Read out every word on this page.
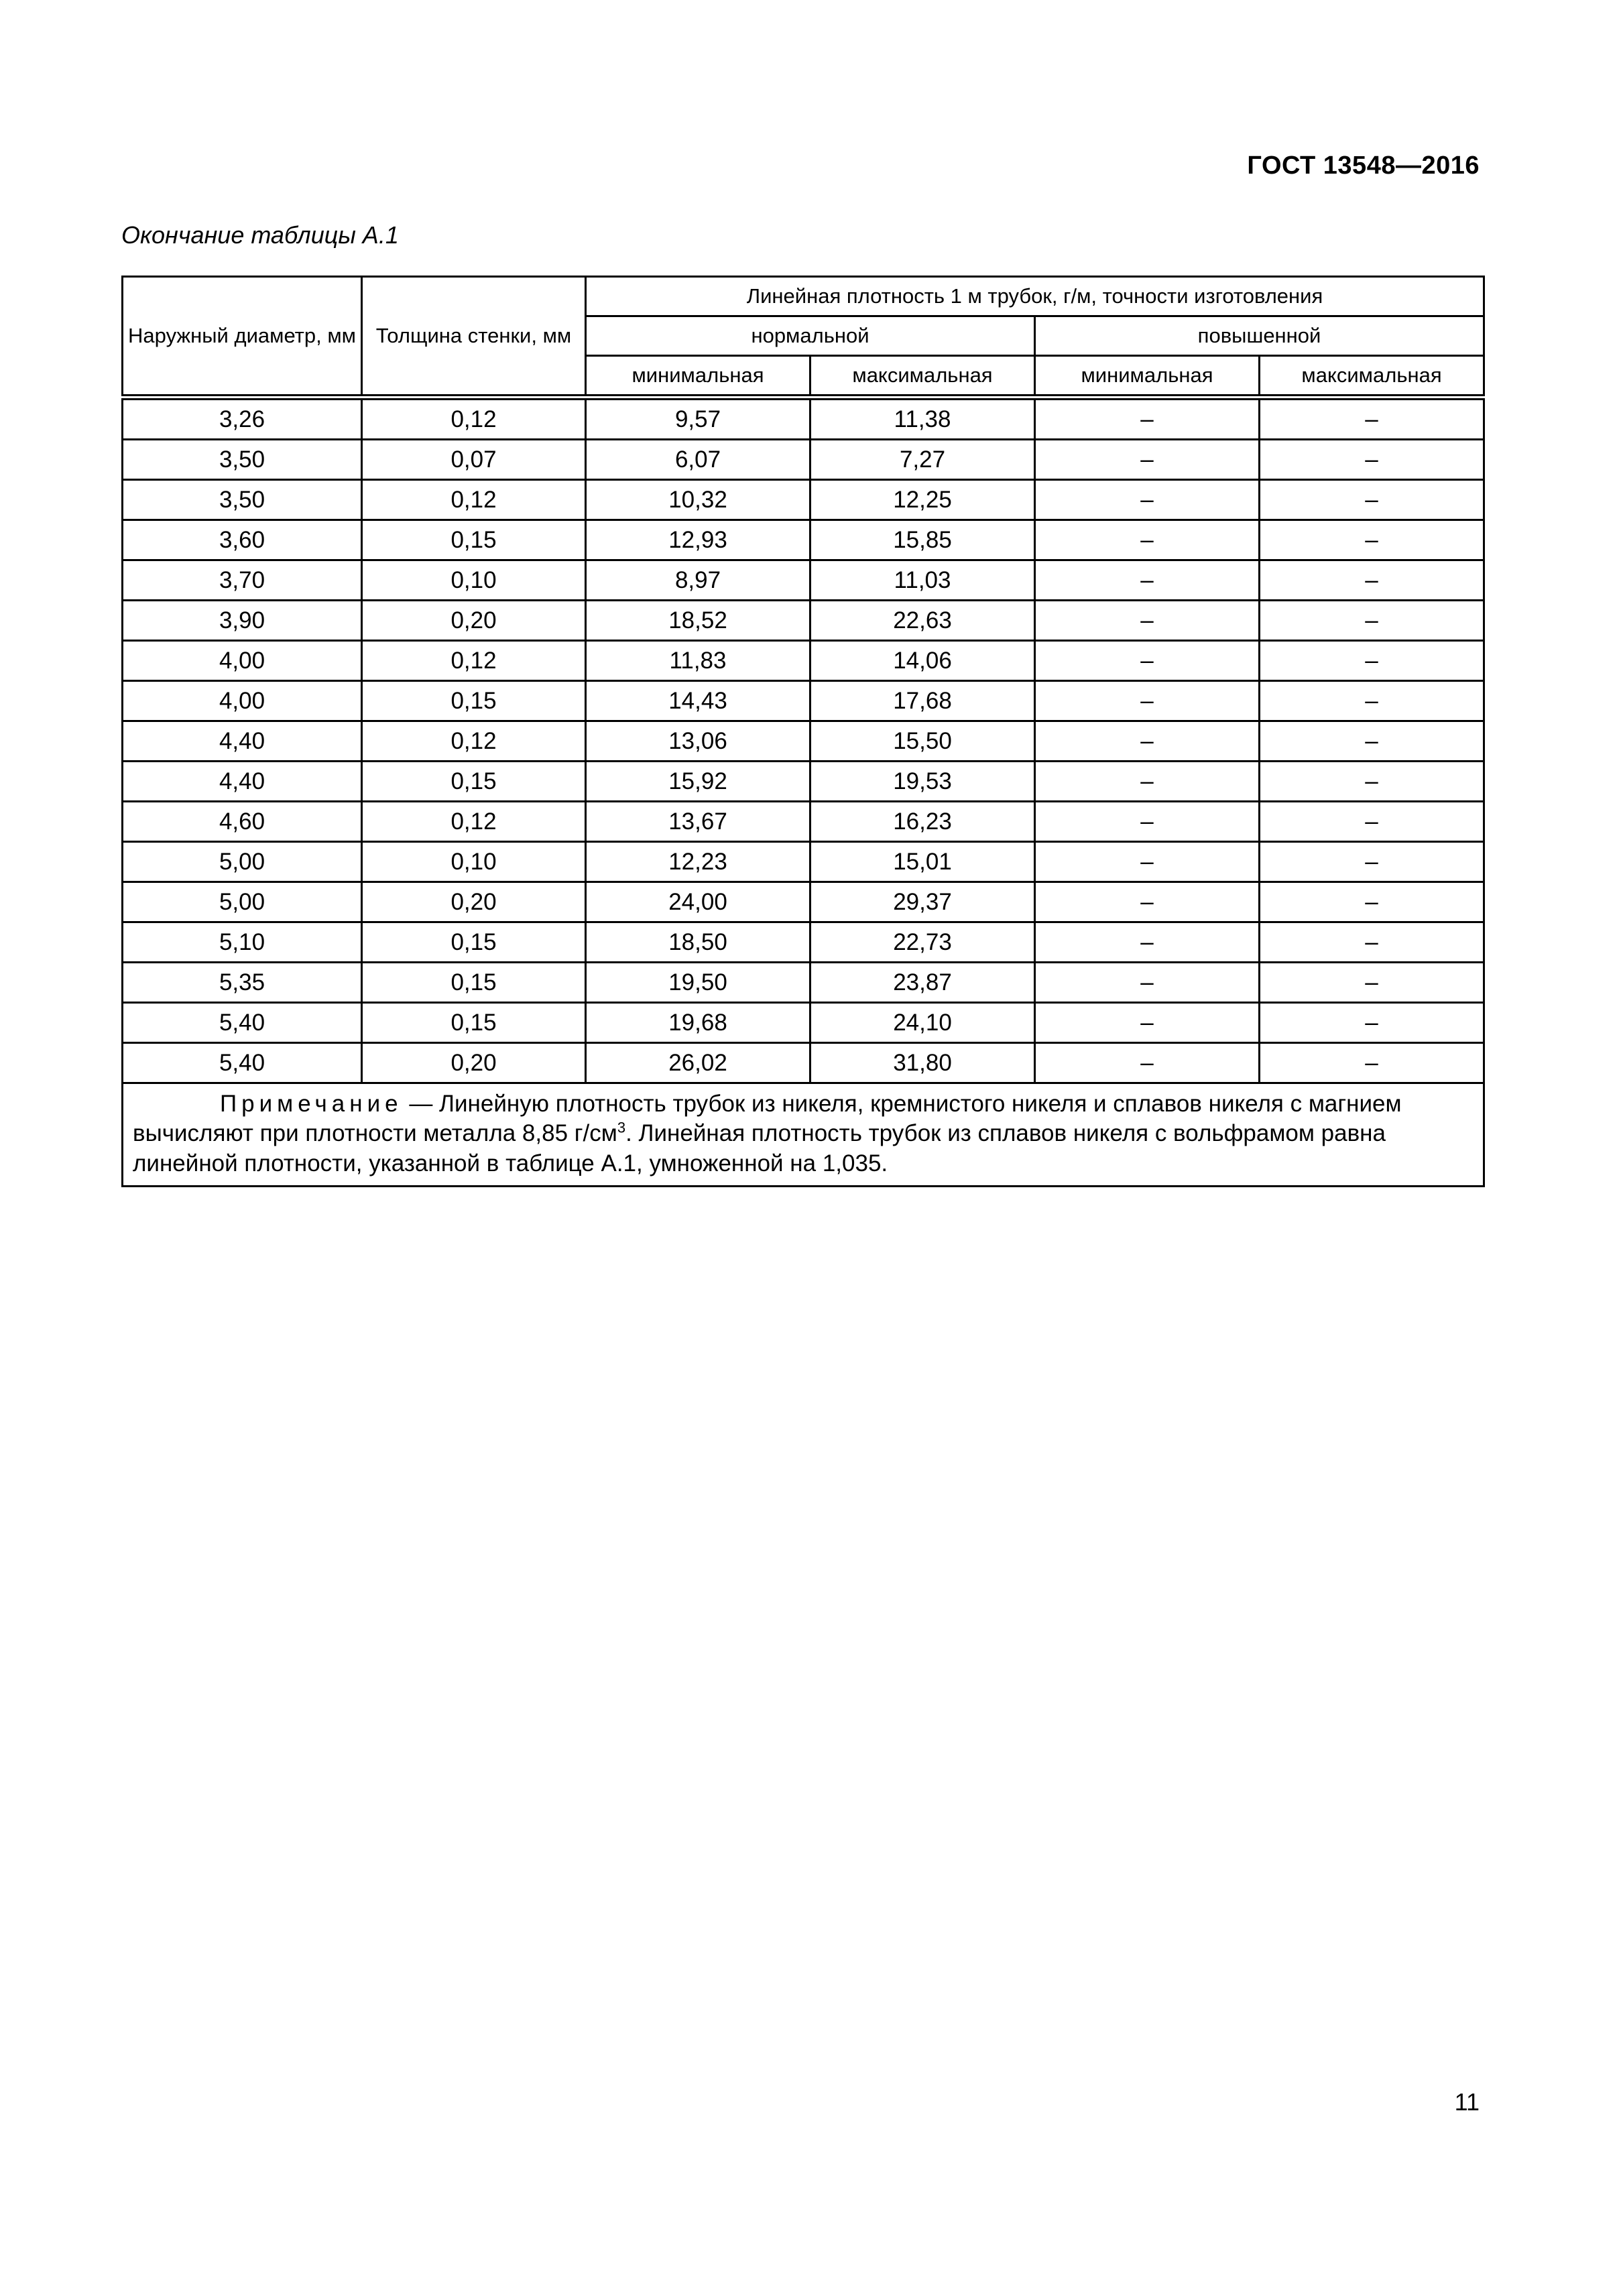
ГОСТ 13548—2016
Окончание таблицы А.1
Наружный диаметр, мм	Толщина стенки, мм	Линейная плотность 1 м трубок, г/м, точности изготовления			
		нормальной		повышенной	
		минимальная	максимальная	минимальная	максимальная
3,26	0,12	9,57	11,38	–	–
3,50	0,07	6,07	7,27	–	–
3,50	0,12	10,32	12,25	–	–
3,60	0,15	12,93	15,85	–	–
3,70	0,10	8,97	11,03	–	–
3,90	0,20	18,52	22,63	–	–
4,00	0,12	11,83	14,06	–	–
4,00	0,15	14,43	17,68	–	–
4,40	0,12	13,06	15,50	–	–
4,40	0,15	15,92	19,53	–	–
4,60	0,12	13,67	16,23	–	–
5,00	0,10	12,23	15,01	–	–
5,00	0,20	24,00	29,37	–	–
5,10	0,15	18,50	22,73	–	–
5,35	0,15	19,50	23,87	–	–
5,40	0,15	19,68	24,10	–	–
5,40	0,20	26,02	31,80	–	–
Примечание — Линейную плотность трубок из никеля, кремнистого никеля и сплавов никеля с магнием вычисляют при плотности металла 8,85 $г/см^3$. Линейная плотность трубок из сплавов никеля с вольфрамом равна линейной плотности, указанной в таблице А.1, умноженной на 1,035.					
11
